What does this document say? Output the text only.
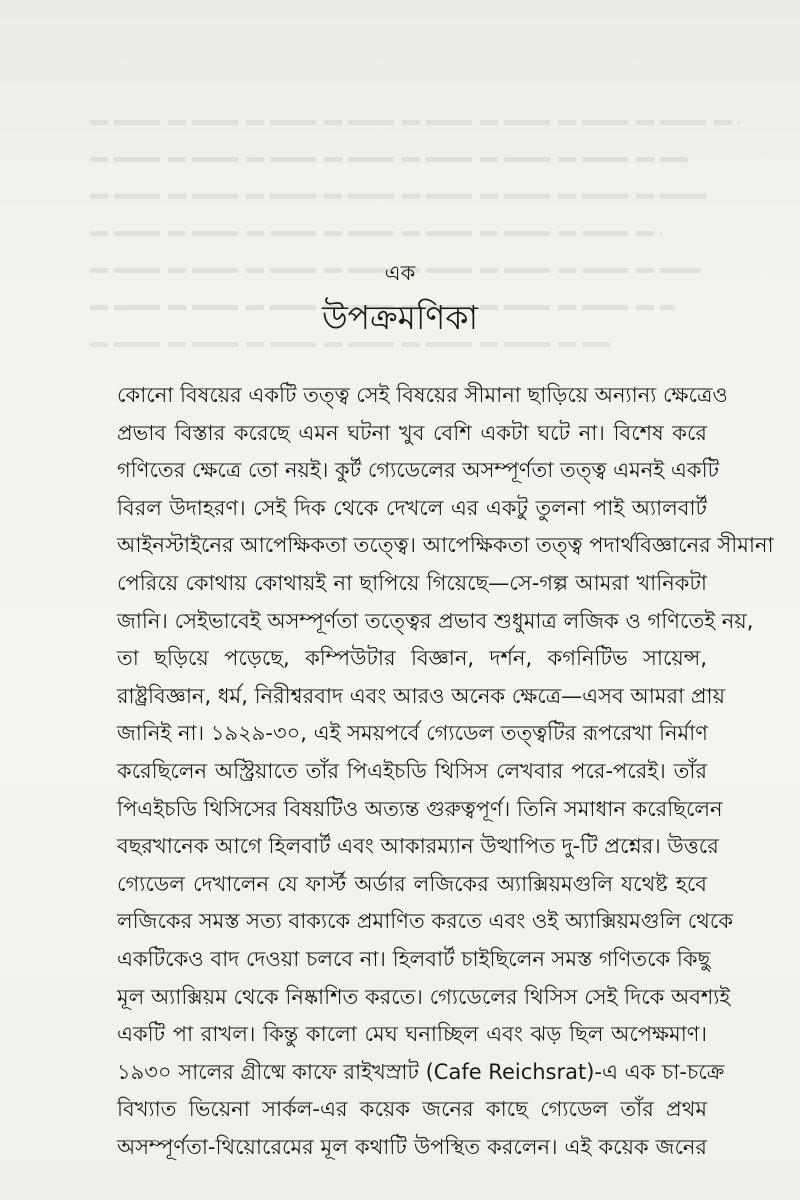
এক
উপক্রমণিকা
কোনো বিষয়ের একটি তত্ত্ব সেই বিষয়ের সীমানা ছাড়িয়ে অন্যান্য ক্ষেত্রেও
প্রভাব বিস্তার করেছে এমন ঘটনা খুব বেশি একটা ঘটে না। বিশেষ করে
গণিতের ক্ষেত্রে তো নয়ই। কুর্ট গ্যেডেলের অসম্পূর্ণতা তত্ত্ব এমনই একটি
বিরল উদাহরণ। সেই দিক থেকে দেখলে এর একটু তুলনা পাই অ্যালবার্ট
আইনস্টাইনের আপেক্ষিকতা তত্ত্বে। আপেক্ষিকতা তত্ত্ব পদার্থবিজ্ঞানের সীমানা
পেরিয়ে কোথায় কোথায়ই না ছাপিয়ে গিয়েছে—সে-গল্প আমরা খানিকটা
জানি। সেইভাবেই অসম্পূর্ণতা তত্ত্বের প্রভাব শুধুমাত্র লজিক ও গণিতেই নয়,
তা ছড়িয়ে পড়েছে, কম্পিউটার বিজ্ঞান, দর্শন, কগনিটিভ সায়েন্স,
রাষ্ট্রবিজ্ঞান, ধর্ম, নিরীশ্বরবাদ এবং আরও অনেক ক্ষেত্রে—এসব আমরা প্রায়
জানিই না। ১৯২৯-৩০, এই সময়পর্বে গ্যেডেল তত্ত্বটির রূপরেখা নির্মাণ
করেছিলেন অস্ট্রিয়াতে তাঁর পিএইচডি থিসিস লেখবার পরে-পরেই। তাঁর
পিএইচডি থিসিসের বিষয়টিও অত্যন্ত গুরুত্বপূর্ণ। তিনি সমাধান করেছিলেন
বছরখানেক আগে হিলবার্ট এবং আকারম্যান উত্থাপিত দু-টি প্রশ্নের। উত্তরে
গ্যেডেল দেখালেন যে ফার্স্ট অর্ডার লজিকের অ্যাক্সিয়মগুলি যথেষ্ট হবে
লজিকের সমস্ত সত্য বাক্যকে প্রমাণিত করতে এবং ওই অ্যাক্সিয়মগুলি থেকে
একটিকেও বাদ দেওয়া চলবে না। হিলবার্ট চাইছিলেন সমস্ত গণিতকে কিছু
মূল অ্যাক্সিয়ম থেকে নিষ্কাশিত করতে। গ্যেডেলের থিসিস সেই দিকে অবশ্যই
একটি পা রাখল। কিন্তু কালো মেঘ ঘনাচ্ছিল এবং ঝড় ছিল অপেক্ষমাণ।
১৯৩০ সালের গ্রীষ্মে কাফে রাইখস্রাট (Cafe Reichsrat)-এ এক চা-চক্রে
বিখ্যাত ভিয়েনা সার্কল-এর কয়েক জনের কাছে গ্যেডেল তাঁর প্রথম
অসম্পূর্ণতা-থিয়োরেমের মূল কথাটি উপস্থিত করলেন। এই কয়েক জনের
